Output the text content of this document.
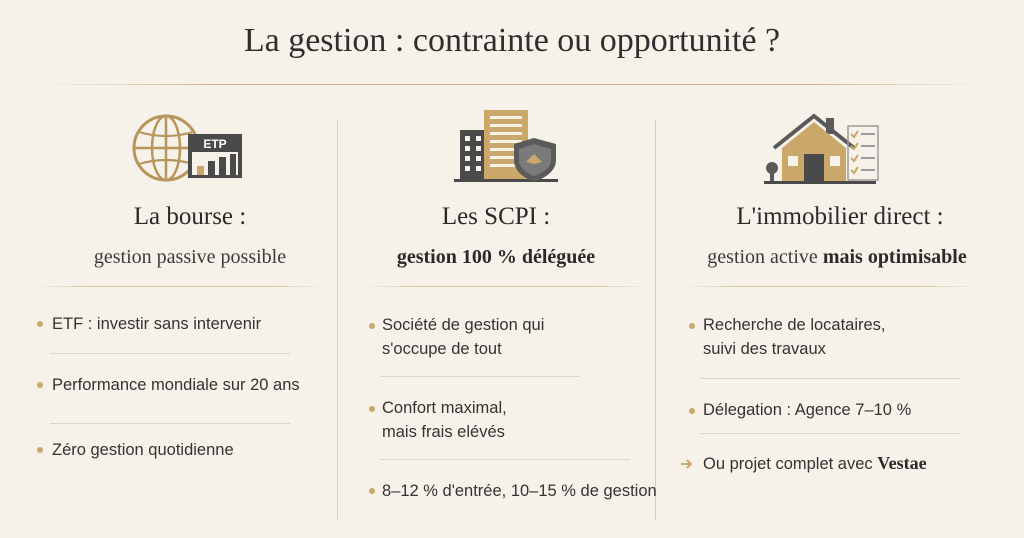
La gestion : contrainte ou opportunité ?
ETP
La bourse :
gestion passive possible
ETF : investir sans intervenir
Performance mondiale sur 20 ans
Zéro gestion quotidienne
Les SCPI :
gestion 100 % déléguée
Société de gestion qui
s'occupe de tout
Confort maximal,
mais frais elévés
8–12 % d'entrée, 10–15 % de gestion
L'immobilier direct :
gestion active mais optimisable
Recherche de locataires,
suivi des travaux
Délegation : Agence 7–10 %
Ou projet complet avec Vestae
